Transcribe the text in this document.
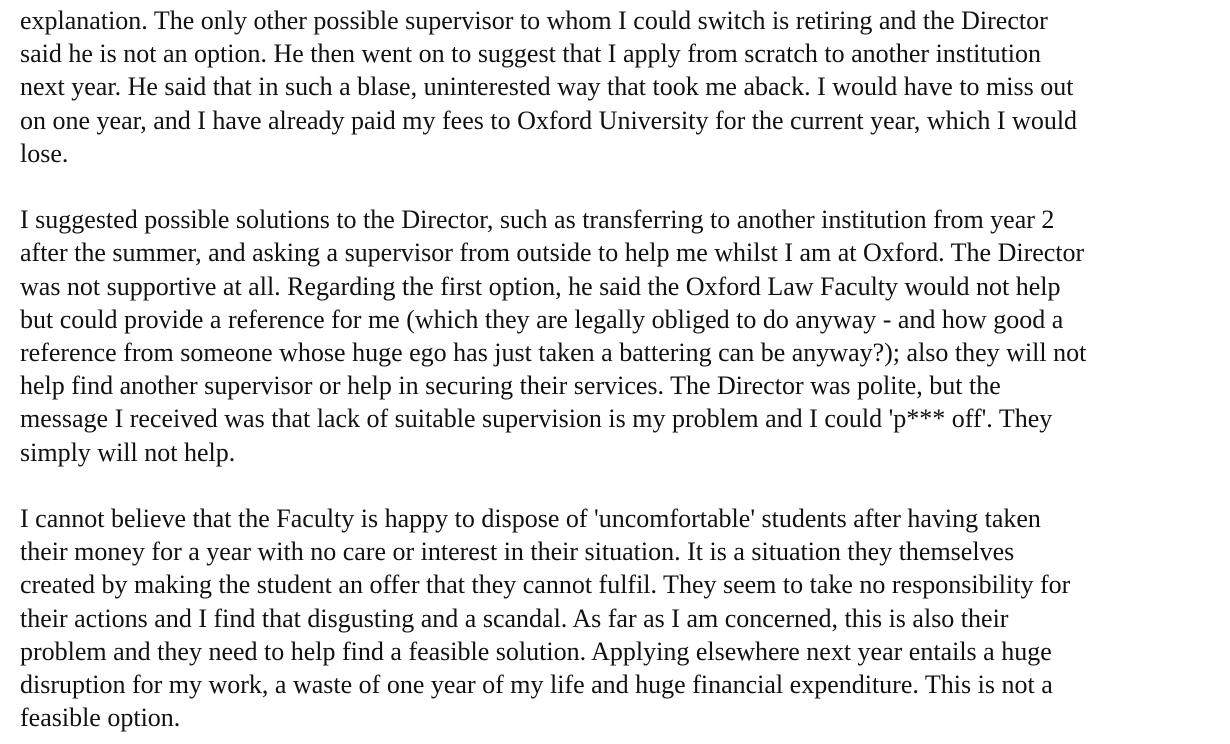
explanation. The only other possible supervisor to whom I could switch is retiring and the Director
said he is not an option. He then went on to suggest that I apply from scratch to another institution
next year. He said that in such a blase, uninterested way that took me aback. I would have to miss out
on one year, and I have already paid my fees to Oxford University for the current year, which I would
lose.

I suggested possible solutions to the Director, such as transferring to another institution from year 2
after the summer, and asking a supervisor from outside to help me whilst I am at Oxford. The Director
was not supportive at all. Regarding the first option, he said the Oxford Law Faculty would not help
but could provide a reference for me (which they are legally obliged to do anyway - and how good a
reference from someone whose huge ego has just taken a battering can be anyway?); also they will not
help find another supervisor or help in securing their services. The Director was polite, but the
message I received was that lack of suitable supervision is my problem and I could 'p*** off'. They
simply will not help.

I cannot believe that the Faculty is happy to dispose of 'uncomfortable' students after having taken
their money for a year with no care or interest in their situation. It is a situation they themselves
created by making the student an offer that they cannot fulfil. They seem to take no responsibility for
their actions and I find that disgusting and a scandal. As far as I am concerned, this is also their
problem and they need to help find a feasible solution. Applying elsewhere next year entails a huge
disruption for my work, a waste of one year of my life and huge financial expenditure. This is not a
feasible option.
